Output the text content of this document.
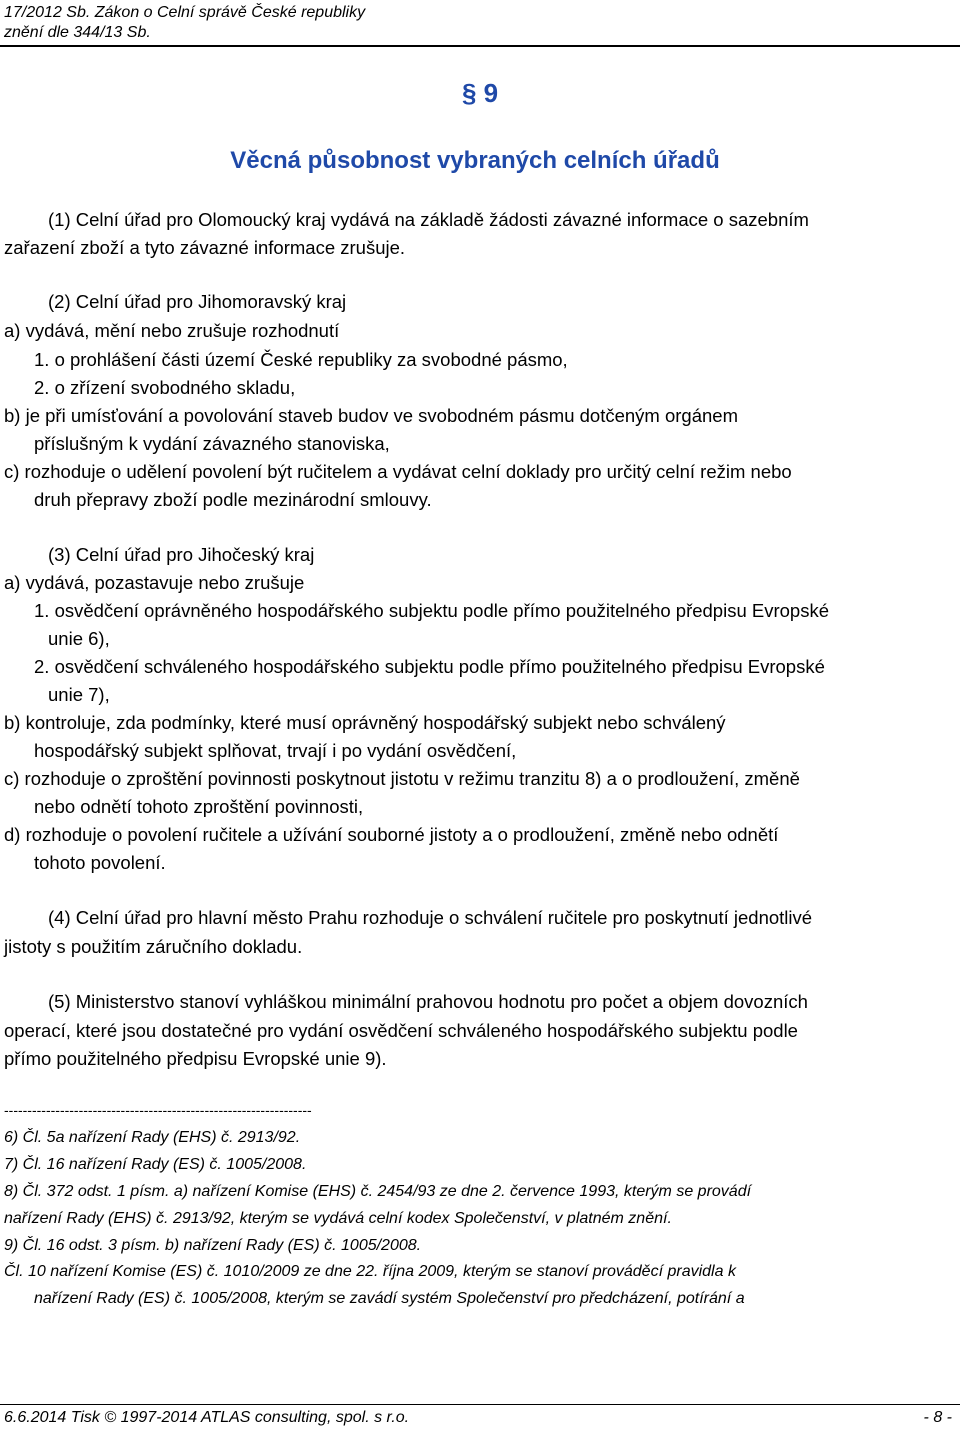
17/2012 Sb. Zákon o Celní správě České republiky
znění dle 344/13 Sb.
§ 9
Věcná působnost vybraných celních úřadů
(1) Celní úřad pro Olomoucký kraj vydává na základě žádosti závazné informace o sazebním
zařazení zboží a tyto závazné informace zrušuje.
(2) Celní úřad pro Jihomoravský kraj
a) vydává, mění nebo zrušuje rozhodnutí
1. o prohlášení části území České republiky za svobodné pásmo,
2. o zřízení svobodného skladu,
b) je při umísťování a povolování staveb budov ve svobodném pásmu dotčeným orgánem
příslušným k vydání závazného stanoviska,
c) rozhoduje o udělení povolení být ručitelem a vydávat celní doklady pro určitý celní režim nebo
druh přepravy zboží podle mezinárodní smlouvy.
(3) Celní úřad pro Jihočeský kraj
a) vydává, pozastavuje nebo zrušuje
1. osvědčení oprávněného hospodářského subjektu podle přímo použitelného předpisu Evropské
unie 6),
2. osvědčení schváleného hospodářského subjektu podle přímo použitelného předpisu Evropské
unie 7),
b) kontroluje, zda podmínky, které musí oprávněný hospodářský subjekt nebo schválený
hospodářský subjekt splňovat, trvají i po vydání osvědčení,
c) rozhoduje o zproštění povinnosti poskytnout jistotu v režimu tranzitu 8) a o prodloužení, změně
nebo odnětí tohoto zproštění povinnosti,
d) rozhoduje o povolení ručitele a užívání souborné jistoty a o prodloužení, změně nebo odnětí
tohoto povolení.
(4) Celní úřad pro hlavní město Prahu rozhoduje o schválení ručitele pro poskytnutí jednotlivé
jistoty s použitím záručního dokladu.
(5) Ministerstvo stanoví vyhláškou minimální prahovou hodnotu pro počet a objem dovozních
operací, které jsou dostatečné pro vydání osvědčení schváleného hospodářského subjektu podle
přímo použitelného předpisu Evropské unie 9).
------------------------------------------------------------------
6) Čl. 5a nařízení Rady (EHS) č. 2913/92.
7) Čl. 16 nařízení Rady (ES) č. 1005/2008.
8) Čl. 372 odst. 1 písm. a) nařízení Komise (EHS) č. 2454/93 ze dne 2. července 1993, kterým se provádí
nařízení Rady (EHS) č. 2913/92, kterým se vydává celní kodex Společenství, v platném znění.
9) Čl. 16 odst. 3 písm. b) nařízení Rady (ES) č. 1005/2008.
Čl. 10 nařízení Komise (ES) č. 1010/2009 ze dne 22. října 2009, kterým se stanoví prováděcí pravidla k
nařízení Rady (ES) č. 1005/2008, kterým se zavádí systém Společenství pro předcházení, potírání a
6.6.2014 Tisk © 1997-2014 ATLAS consulting, spol. s r.o.	- 8 -
